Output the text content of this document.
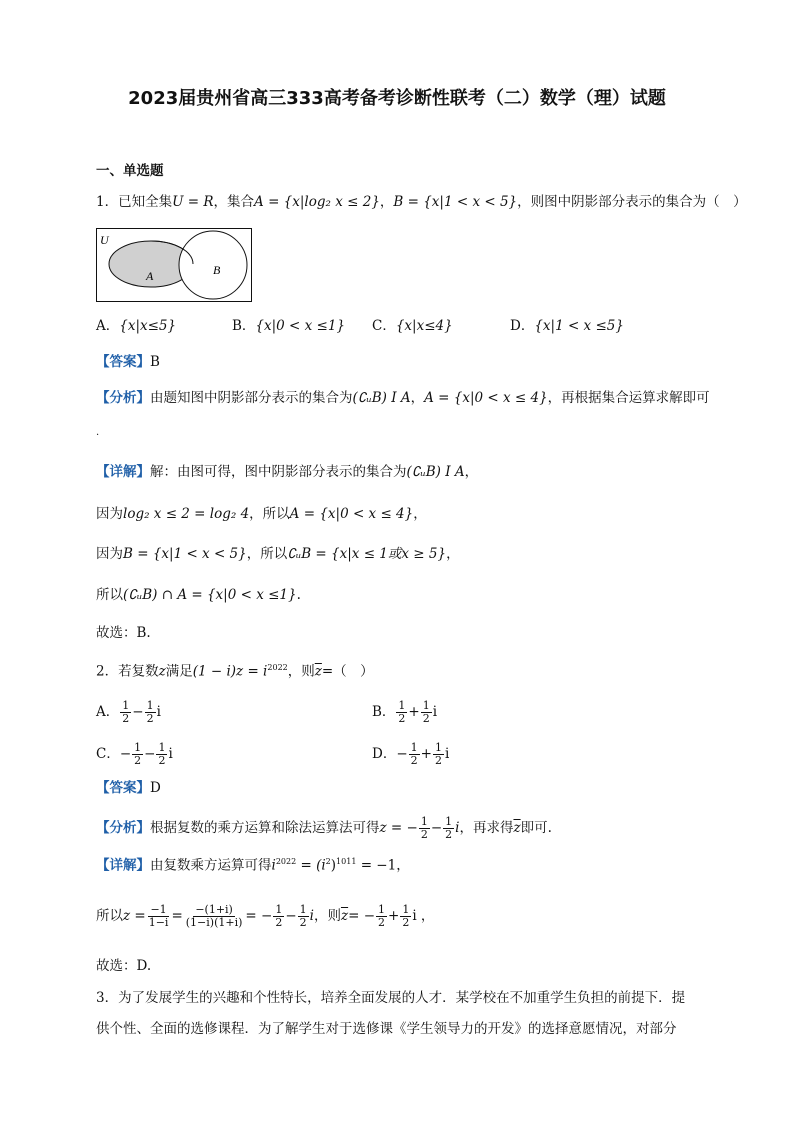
2023届贵州省高三333高考备考诊断性联考（二）数学（理）试题
一、单选题
1．已知全集U = R，集合A = {x|log₂ x ≤ 2}，B = {x|1 < x < 5}，则图中阴影部分表示的集合为（　）
U
A	B
A．{x|x≤5}	B．{x|0 < x ≤1} C．{x|x≤4}	D．{x|1 < x ≤5}
【答案】B
【分析】由题知图中阴影部分表示的集合为(∁ᵤB) I A，A = {x|0 < x ≤ 4}，再根据集合运算求解即可
.
【详解】解：由图可得，图中阴影部分表示的集合为(∁ᵤB) I A，
因为log₂ x ≤ 2 = log₂ 4，所以A = {x|0 < x ≤ 4}，
因为B = {x|1 < x < 5}，所以∁ᵤB = {x|x ≤ 1或x ≥ 5}，
所以(∁ᵤB) ∩ A = {x|0 < x ≤1}.
故选：B.
2．若复数z满足$(1 - i)z = i^{2022}$，则$\overline{z}=$（　）
A． $\frac{1}{2} - \frac{1}{2}$ i	B． $\frac{1}{2} + \frac{1}{2}$ i
C．− $\frac{1}{2} - \frac{1}{2}$ i	D．− $\frac{1}{2} + \frac{1}{2}$ i
【答案】D
【分析】根据复数的乘方运算和除法运算法可得z = − $\frac{1}{2} - \frac{1}{2}$ i，再求得$\overline{z}$即可.
【详解】由复数乘方运算可得$i^{2022} = (i^2)^{1011} = -1$，
所以$z = \frac{-1}{1-i} = \frac{-(1+i)}{(1-i)(1+i)}$ = − $\frac{1}{2} - \frac{1}{2}$ i，则$\overline{z}= - \frac{1}{2} + \frac{1}{2}$ i ，
故选：D.
3．为了发展学生的兴趣和个性特长，培养全面发展的人才．某学校在不加重学生负担的前提下．提
供个性、全面的选修课程．为了解学生对于选修课《学生领导力的开发》的选择意愿情况，对部分
